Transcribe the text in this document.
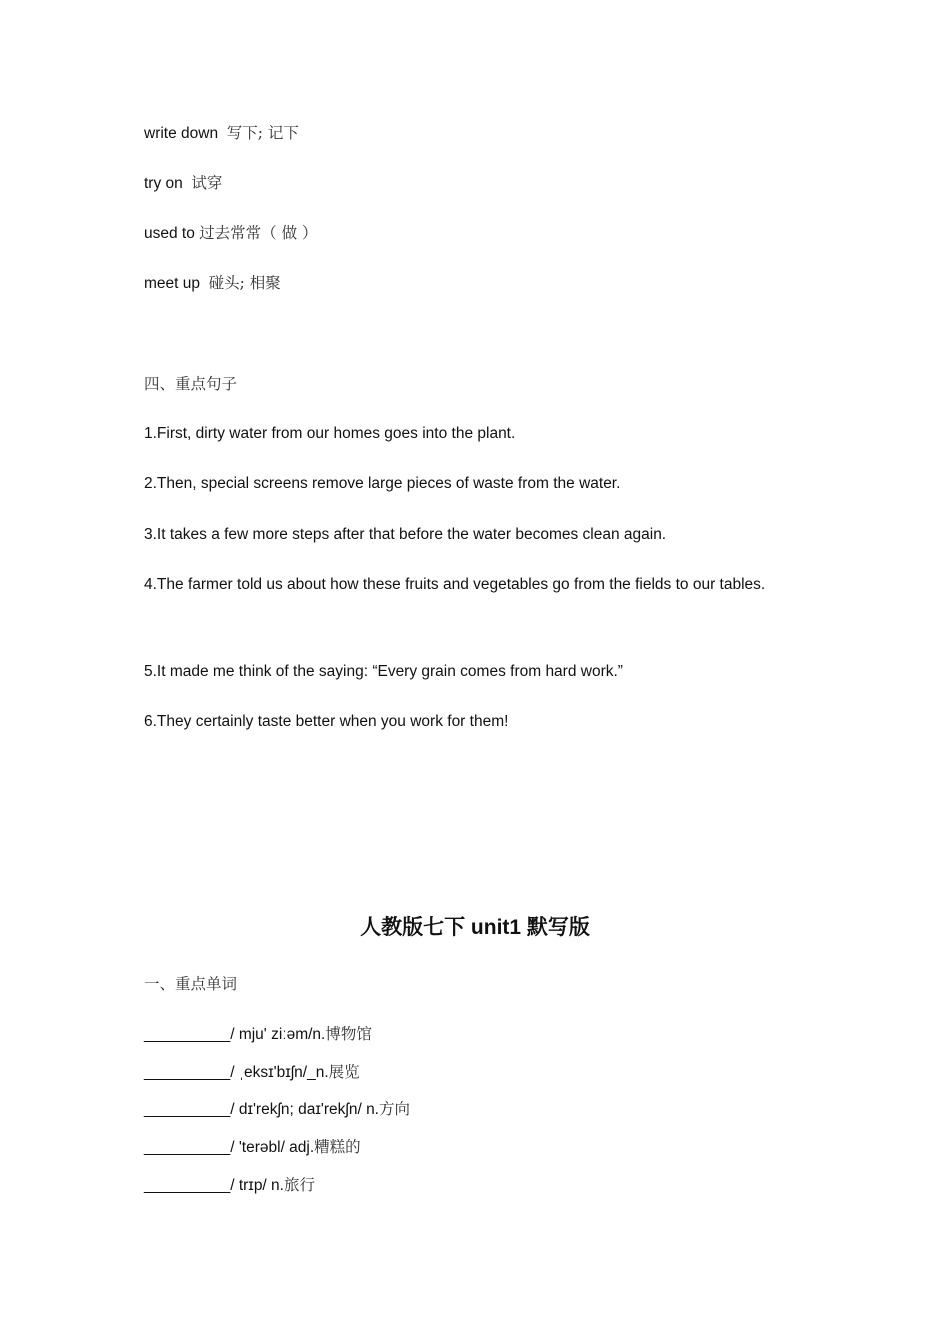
write down 写下; 记下
try on 试穿
used to 过去常常（ 做 ）
meet up 碰头; 相聚
四、重点句子
1.First, dirty water from our homes goes into the plant.
2.Then, special screens remove large pieces of waste from the water.
3.It takes a few more steps after that before the water becomes clean again.
4.The farmer told us about how these fruits and vegetables go from the fields to our tables.
5.It made me think of the saying: “Every grain comes from hard work.”
6.They certainly taste better when you work for them!
人教版七下 unit1 默写版
一、重点单词
__________/ mju' ziːəm/n.博物馆
__________/ ˌeksɪ'bɪʃn/_n.展览
__________/ dɪ'rekʃn; daɪ'rekʃn/ n.方向
__________/ 'terəbl/ adj.糟糕的
__________/ trɪp/ n.旅行
